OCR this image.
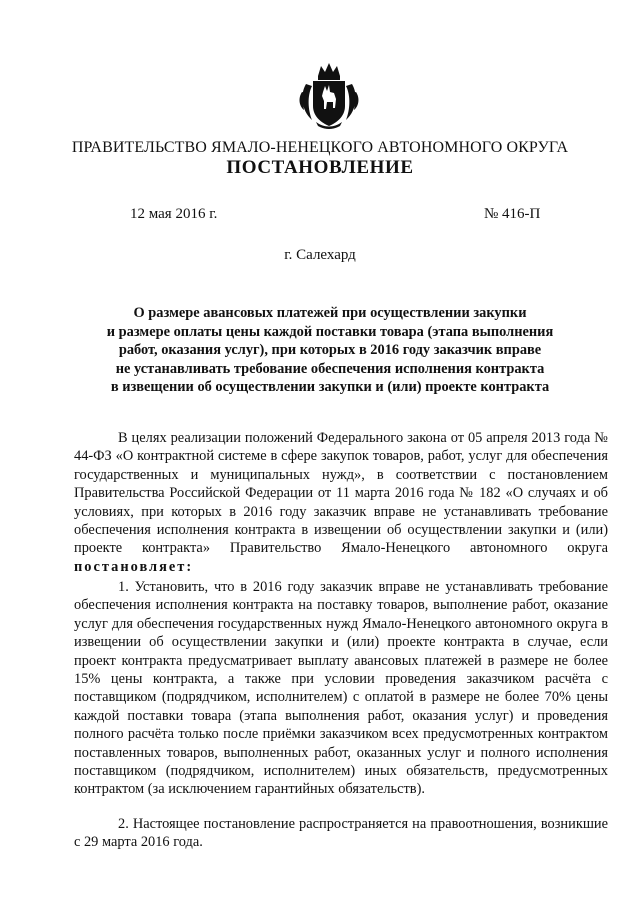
ПРАВИТЕЛЬСТВО ЯМАЛО-НЕНЕЦКОГО АВТОНОМНОГО ОКРУГА
ПОСТАНОВЛЕНИЕ
12 мая 2016 г.	№ 416-П
г. Салехард
О размере авансовых платежей при осуществлении закупки
и размере оплаты цены каждой поставки товара (этапа выполнения
работ, оказания услуг), при которых в 2016 году заказчик вправе
не устанавливать требование обеспечения исполнения контракта
в извещении об осуществлении закупки и (или) проекте контракта

В целях реализации положений Федерального закона от 05 апреля 2013 года № 44-ФЗ «О контрактной системе в сфере закупок товаров, работ, услуг для обеспечения государственных и муниципальных нужд», в соответствии с постановлением Правительства Российской Федерации от 11 марта 2016 года № 182 «О случаях и об условиях, при которых в 2016 году заказчик вправе не устанавливать требование обеспечения исполнения контракта в извещении об осуществлении закупки и (или) проекте контракта» Правительство Ямало-Ненецкого автономного округа постановляет:

1. Установить, что в 2016 году заказчик вправе не устанавливать требование обеспечения исполнения контракта на поставку товаров, выполнение работ, оказание услуг для обеспечения государственных нужд Ямало-Ненецкого автономного округа в извещении об осуществлении закупки и (или) проекте контракта в случае, если проект контракта предусматривает выплату авансовых платежей в размере не более 15% цены контракта, а также при условии проведения заказчиком расчёта с поставщиком (подрядчиком, исполнителем) с оплатой в размере не более 70% цены каждой поставки товара (этапа выполнения работ, оказания услуг) и проведения полного расчёта только после приёмки заказчиком всех предусмотренных контрактом поставленных товаров, выполненных работ, оказанных услуг и полного исполнения поставщиком (подрядчиком, исполнителем) иных обязательств, предусмотренных контрактом (за исключением гарантийных обязательств).

2. Настоящее постановление распространяется на правоотношения, возникшие с 29 марта 2016 года.
